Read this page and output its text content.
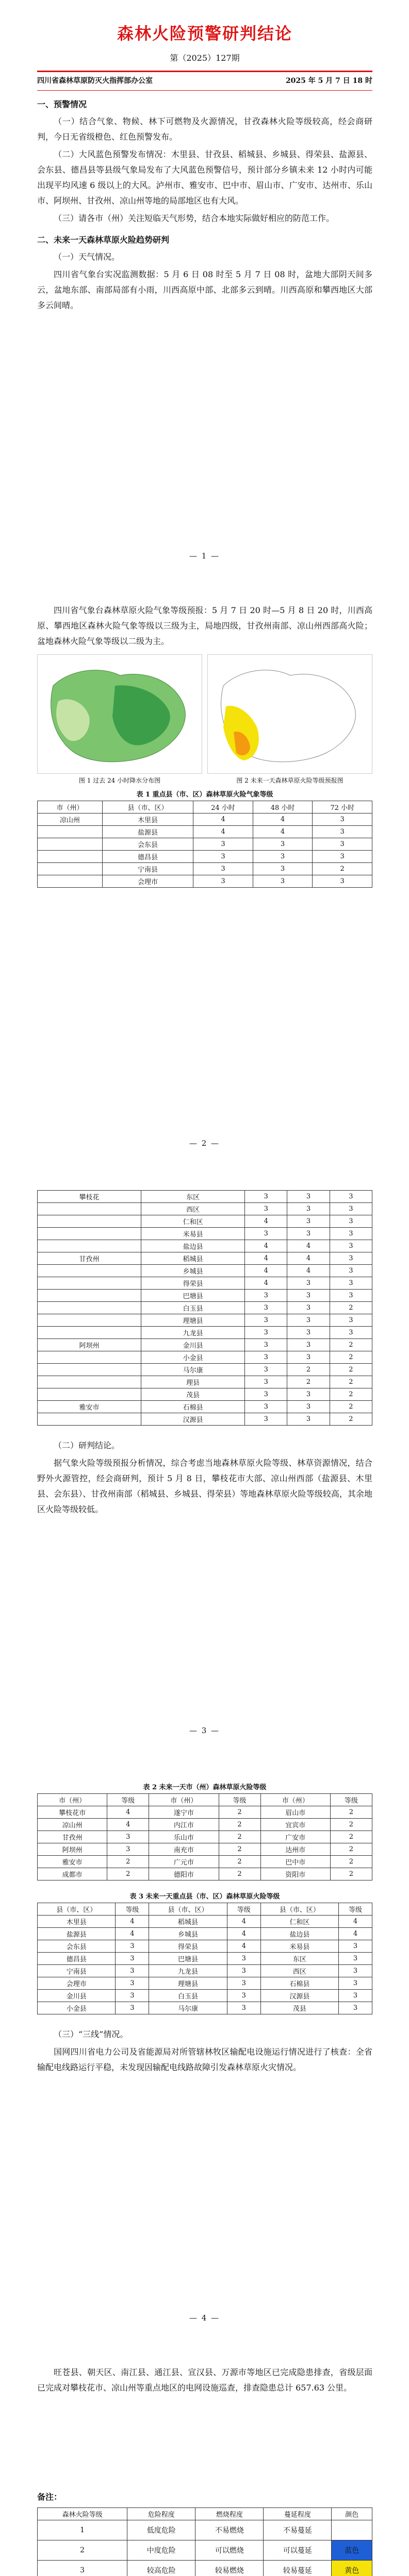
森林火险预警研判结论
第（2025）127期
四川省森林草原防灭火指挥部办公室	2025 年 5 月 7 日 18 时
一、预警情况

（一）结合气象、物候、林下可燃物及火源情况，甘孜森林火险等级较高，经会商研判，今日无省级橙色、红色预警发布。

（二）大风蓝色预警发布情况：木里县、甘孜县、稻城县、乡城县、得荣县、盐源县、会东县、德昌县等县级气象局发布了大风蓝色预警信号，预计部分乡镇未来 12 小时内可能出现平均风速 6 级以上的大风。泸州市、雅安市、巴中市、眉山市、广安市、达州市、乐山市、阿坝州、甘孜州、凉山州等地的局部地区也有大风。

（三）请各市（州）关注短临天气形势，结合本地实际做好相应的防范工作。

二、未来一天森林草原火险趋势研判

（一）天气情况。

四川省气象台实况监测数据：5 月 6 日 08 时至 5 月 7 日 08 时，盆地大部阴天间多云，盆地东部、南部局部有小雨，川西高原中部、北部多云到晴。川西高原和攀西地区大部多云间晴。

— 1 —

四川省气象台森林草原火险气象等级预报：5 月 7 日 20 时—5 月 8 日 20 时，川西高原、攀西地区森林火险气象等级以三级为主，局地四级，甘孜州南部、凉山州西部高火险；盆地森林火险气象等级以二级为主。

图 1 过去 24 小时降水分布图	图 2 未来一天森林草原火险等级预报图
表 1 重点县（市、区）森林草原火险气象等级
市（州）	县（市、区）	24 小时	48 小时	72 小时
凉山州	木里县	4	4	3
	盐源县	4	4	3
	会东县	3	3	3
	德昌县	3	3	3
	宁南县	3	3	2
	会理市	3	3	3
— 2 —
攀枝花	东区	3	3	3
	西区	3	3	3
	仁和区	4	3	3
	米易县	3	3	3
	盐边县	4	4	3
甘孜州	稻城县	4	4	3
	乡城县	4	4	3
	得荣县	4	3	3
	巴塘县	3	3	3
	白玉县	3	3	2
	理塘县	3	3	3
	九龙县	3	3	3
阿坝州	金川县	3	3	2
	小金县	3	3	2
	马尔康	3	2	2
	理县	3	2	2
	茂县	3	3	2
雅安市	石棉县	3	3	2
	汉源县	3	3	2

（二）研判结论。

据气象火险等级预报分析情况，综合考虑当地森林草原火险等级、林草资源情况，结合野外火源管控，经会商研判，预计 5 月 8 日，攀枝花市大部、凉山州西部（盐源县、木里县、会东县）、甘孜州南部（稻城县、乡城县、得荣县）等地森林草原火险等级较高，其余地区火险等级较低。

— 3 —
表 2 未来一天市（州）森林草原火险等级
市（州）	等级	市（州）	等级	市（州）	等级
攀枝花市	4	遂宁市	2	眉山市	2
凉山州	4	内江市	2	宜宾市	2
甘孜州	3	乐山市	2	广安市	2
阿坝州	3	南充市	2	达州市	2
雅安市	2	广元市	2	巴中市	2
成都市	2	德阳市	2	资阳市	2
表 3 未来一天重点县（市、区）森林草原火险等级
县（市、区）	等级	县（市、区）	等级	县（市、区）	等级
木里县	4	稻城县	4	仁和区	4
盐源县	4	乡城县	4	盐边县	4
会东县	3	得荣县	4	米易县	3
德昌县	3	巴塘县	3	东区	3
宁南县	3	九龙县	3	西区	3
会理市	3	理塘县	3	石棉县	3
金川县	3	白玉县	3	汉源县	3
小金县	3	马尔康	3	茂县	3

（三）“三线”情况。

国网四川省电力公司及省能源局对所管辖林牧区输配电设施运行情况进行了核查：全省输配电线路运行平稳，未发现因输配电线路故障引发森林草原火灾情况。

— 4 —

旺苍县、朝天区、南江县、通江县、宣汉县、万源市等地区已完成隐患排查，省级层面已完成对攀枝花市、凉山州等重点地区的电网设施巡查，排查隐患总计 657.63 公里。

备注：
森林火险等级	危险程度	燃烧程度	蔓延程度	颜色
1	低度危险	不易燃烧	不易蔓延	
2	中度危险	可以燃烧	可以蔓延	蓝色
3	较高危险	较易燃烧	较易蔓延	黄色
